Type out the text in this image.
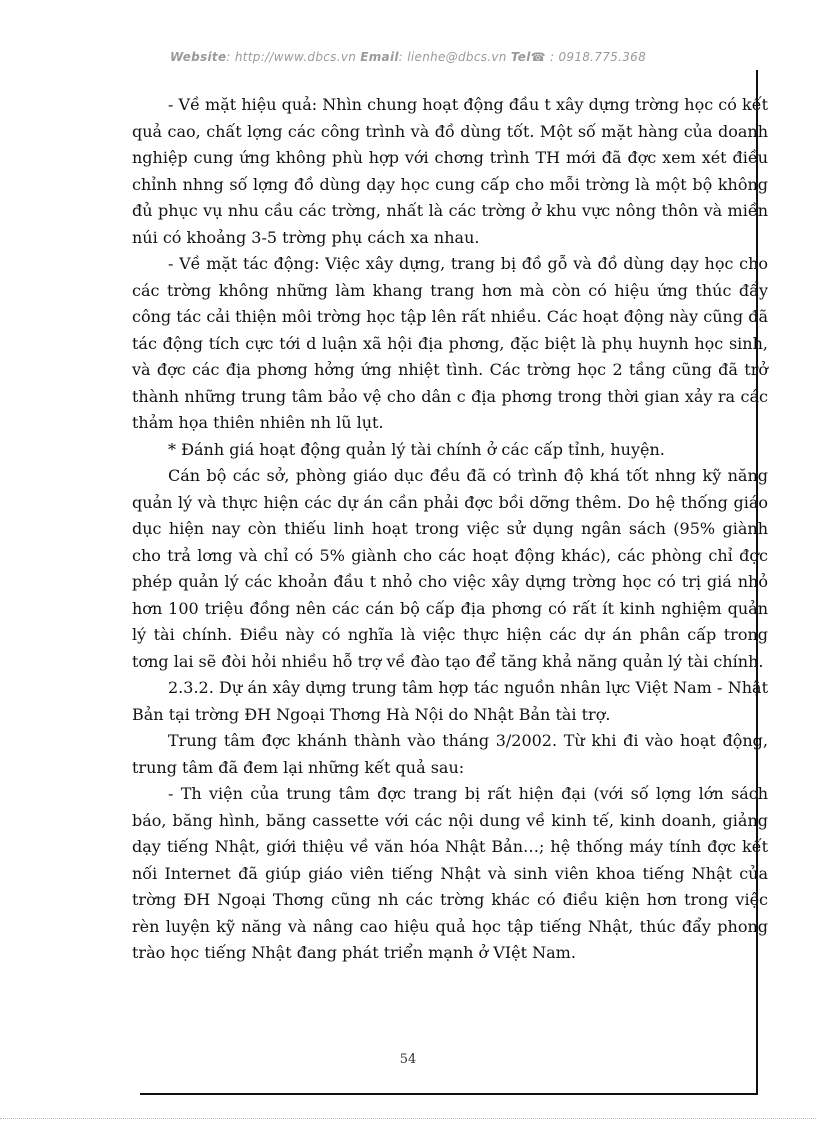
Website: http://www.dbcs.vn Email: lienhe@dbcs.vn Tel☎ : 0918.775.368

- Về mặt hiệu quả: Nhìn chung hoạt động đầu t xây dựng trờng học có kết quả cao, chất lợng các công trình và đồ dùng tốt. Một số mặt hàng của doanh nghiệp cung ứng không phù hợp với chơng trình TH mới đã đợc xem xét điều chỉnh nhng số lợng đồ dùng dạy học cung cấp cho mỗi trờng là một bộ không đủ phục vụ nhu cầu các trờng, nhất là các trờng ở khu vực nông thôn và miền núi có khoảng 3-5 trờng phụ cách xa nhau.

- Về mặt tác động: Việc xây dựng, trang bị đồ gỗ và đồ dùng dạy học cho các trờng không những làm khang trang hơn mà còn có hiệu ứng thúc đẩy công tác cải thiện môi trờng học tập lên rất nhiều. Các hoạt động này cũng đã tác động tích cực tới d luận xã hội địa phơng, đặc biệt là phụ huynh học sinh, và đợc các địa phơng hởng ứng nhiệt tình. Các trờng học 2 tầng cũng đã trở thành những trung tâm bảo vệ cho dân c địa phơng trong thời gian xảy ra các thảm họa thiên nhiên nh lũ lụt.

* Đánh giá hoạt động quản lý tài chính ở các cấp tỉnh, huyện.

Cán bộ các sở, phòng giáo dục đều đã có trình độ khá tốt nhng kỹ năng quản lý và thực hiện các dự án cần phải đợc bồi dỡng thêm. Do hệ thống giáo dục hiện nay còn thiếu linh hoạt trong việc sử dụng ngân sách (95% giành cho trả lơng và chỉ có 5% giành cho các hoạt động khác), các phòng chỉ đợc phép quản lý các khoản đầu t nhỏ cho việc xây dựng trờng học có trị giá nhỏ hơn 100 triệu đồng nên các cán bộ cấp địa phơng có rất ít kinh nghiệm quản lý tài chính. Điều này có nghĩa là việc thực hiện các dự án phân cấp trong tơng lai sẽ đòi hỏi nhiều hỗ trợ về đào tạo để tăng khả năng quản lý tài chính.

2.3.2. Dự án xây dựng trung tâm hợp tác nguồn nhân lực Việt Nam - Nhật Bản tại trờng ĐH Ngoại Thơng Hà Nội do Nhật Bản tài trợ.

Trung tâm đợc khánh thành vào tháng 3/2002. Từ khi đi vào hoạt động, trung tâm đã đem lại những kết quả sau:

- Th viện của trung tâm đợc trang bị rất hiện đại (với số lợng lớn sách báo, băng hình, băng cassette với các nội dung về kinh tế, kinh doanh, giảng dạy tiếng Nhật, giới thiệu về văn hóa Nhật Bản…; hệ thống máy tính đợc kết nối Internet đã giúp giáo viên tiếng Nhật và sinh viên khoa tiếng Nhật của trờng ĐH Ngoại Thơng cũng nh các trờng khác có điều kiện hơn trong việc rèn luyện kỹ năng và nâng cao hiệu quả học tập tiếng Nhật, thúc đẩy phong trào học tiếng Nhật đang phát triển mạnh ở VIệt Nam.

54
